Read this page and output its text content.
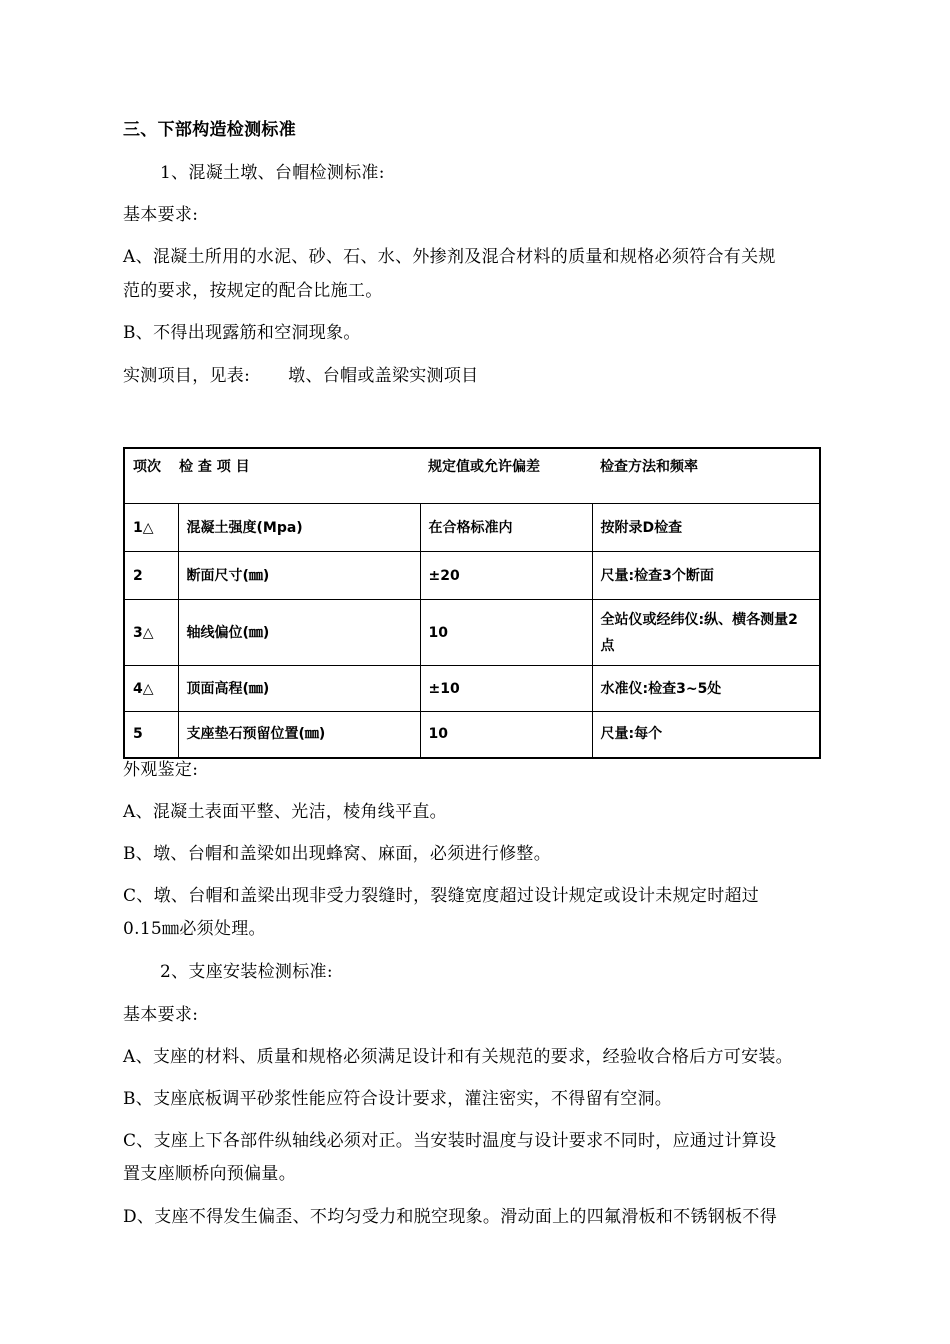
三、下部构造检测标准
1、混凝土墩、台帽检测标准:
基本要求:
A、混凝土所用的水泥、砂、石、水、外掺剂及混合材料的质量和规格必须符合有关规
范的要求，按规定的配合比施工。
B、不得出现露筋和空洞现象。
实测项目，见表: 墩、台帽或盖梁实测项目
项次 检 查 项 目		规定值或允许偏差	检查方法和频率
1△	混凝土强度(Mpa)	在合格标准内	按附录D检查
2	断面尺寸(㎜)	±20	尺量:检查3个断面
3△	轴线偏位(㎜)	10	全站仪或经纬仪:纵、横各测量2点
4△	顶面高程(㎜)	±10	水准仪:检查3~5处
5	支座垫石预留位置(㎜)	10	尺量:每个
外观鉴定:
A、混凝土表面平整、光洁，棱角线平直。
B、墩、台帽和盖梁如出现蜂窝、麻面，必须进行修整。
C、墩、台帽和盖梁出现非受力裂缝时，裂缝宽度超过设计规定或设计未规定时超过
0.15㎜必须处理。
2、支座安装检测标准:
基本要求:
A、支座的材料、质量和规格必须满足设计和有关规范的要求，经验收合格后方可安装。
B、支座底板调平砂浆性能应符合设计要求，灌注密实，不得留有空洞。
C、支座上下各部件纵轴线必须对正。当安装时温度与设计要求不同时，应通过计算设
置支座顺桥向预偏量。
D、支座不得发生偏歪、不均匀受力和脱空现象。滑动面上的四氟滑板和不锈钢板不得
